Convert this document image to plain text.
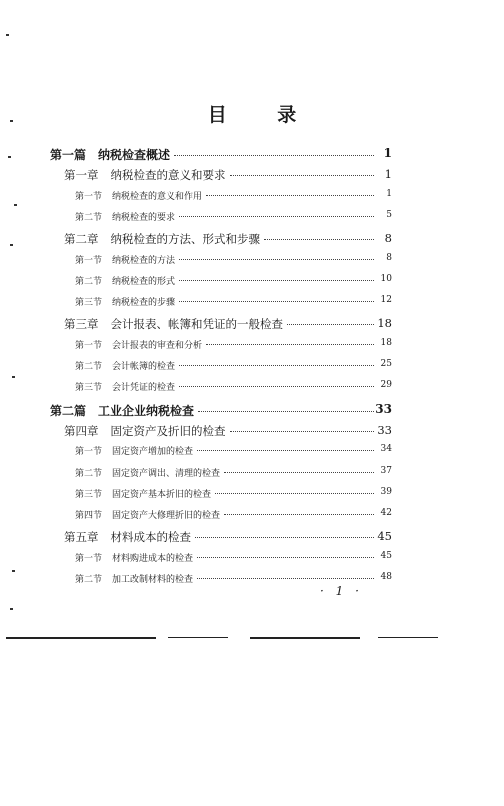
目 录
第一篇 纳税检查概述	1
第一章 纳税检查的意义和要求	1
第一节 纳税检查的意义和作用	1
第二节 纳税检查的要求	5
第二章 纳税检查的方法、形式和步骤	8
第一节 纳税检查的方法	8
第二节 纳税检查的形式	10
第三节 纳税检查的步骤	12
第三章 会计报表、帐簿和凭证的一般检查	18
第一节 会计报表的审查和分析	18
第二节 会计帐簿的检查	25
第三节 会计凭证的检查	29
第二篇 工业企业纳税检查	33
第四章 固定资产及折旧的检查	33
第一节 固定资产增加的检查	34
第二节 固定资产调出、清理的检查	37
第三节 固定资产基本折旧的检查	39
第四节 固定资产大修理折旧的检查	42
第五章 材料成本的检查	45
第一节 材料购进成本的检查	45
第二节 加工改制材料的检查	48
· 1 ·
